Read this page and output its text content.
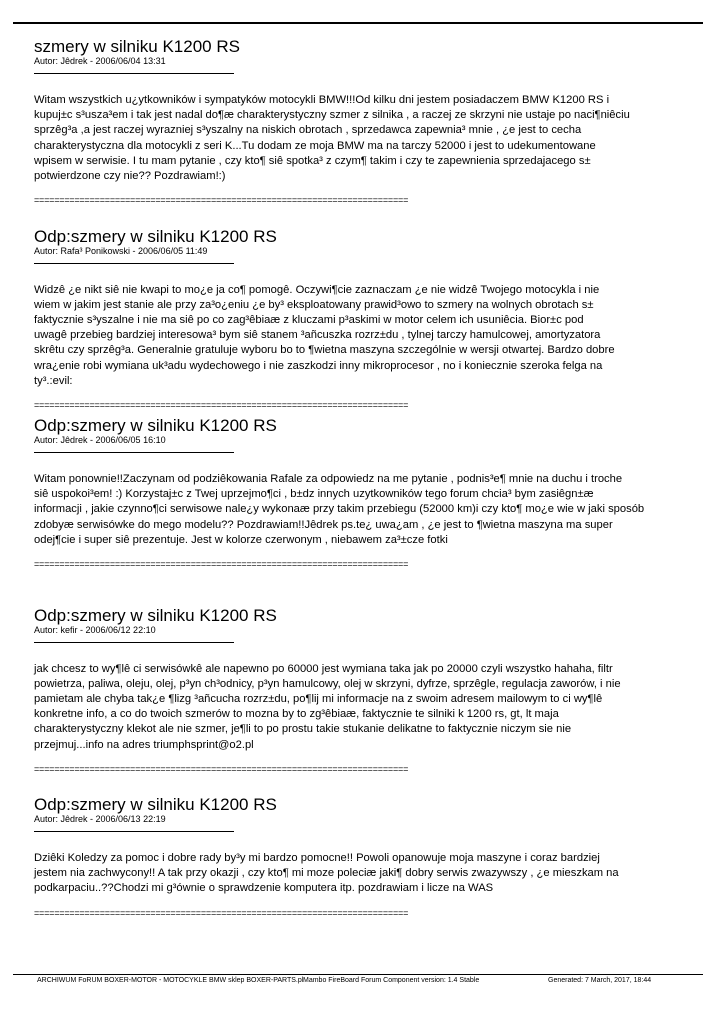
szmery w silniku K1200 RS
Autor: Jêdrek - 2006/06/04 13:31
Witam wszystkich u¿ytkowników i sympatyków motocykli BMW!!!Od kilku dni jestem posiadaczem BMW K1200 RS i
kupuj±c s³usza³em i tak jest nadal do¶æ charakterystyczny szmer z silnika , a raczej ze skrzyni nie ustaje po naci¶niêciu
sprzêg³a ,a jest raczej wyrazniej s³yszalny na niskich obrotach , sprzedawca zapewnia³ mnie , ¿e jest to cecha
charakterystyczna dla motocykli z seri K...Tu dodam ze moja BMW ma na tarczy 52000 i jest to udekumentowane
wpisem w serwisie. I tu mam pytanie , czy kto¶ siê spotka³ z czym¶ takim i czy te zapewnienia sprzedajacego s±
potwierdzone czy nie?? Pozdrawiam!:)
==========================================================================
Odp:szmery w silniku K1200 RS
Autor: Rafa³ Ponikowski - 2006/06/05 11:49
Widzê ¿e nikt siê nie kwapi to mo¿e ja co¶ pomogê. Oczywi¶cie zaznaczam ¿e nie widzê Twojego motocykla i nie
wiem w jakim jest stanie ale przy za³o¿eniu ¿e by³ eksploatowany prawid³owo to szmery na wolnych obrotach s±
faktycznie s³yszalne i nie ma siê po co zag³êbiaæ z kluczami p³askimi w motor celem ich usuniêcia. Bior±c pod
uwagê przebieg bardziej interesowa³ bym siê stanem ³añcuszka rozrz±du , tylnej tarczy hamulcowej, amortyzatora
skrêtu czy sprzêg³a. Generalnie gratuluje wyboru bo to ¶wietna maszyna szczególnie w wersji otwartej. Bardzo dobre
wra¿enie robi wymiana uk³adu wydechowego i nie zaszkodzi inny mikroprocesor , no i koniecznie szeroka felga na
ty³.:evil:
==========================================================================
Odp:szmery w silniku K1200 RS
Autor: Jêdrek - 2006/06/05 16:10
Witam ponownie!!Zaczynam od podziêkowania Rafale za odpowiedz na me pytanie , podnis³e¶ mnie na duchu i troche
siê uspokoi³em! :) Korzystaj±c z Twej uprzejmo¶ci , b±dz innych uzytkowników tego forum chcia³ bym zasiêgn±æ
informacji , jakie czynno¶ci serwisowe nale¿y wykonaæ przy takim przebiegu (52000 km)i czy kto¶ mo¿e wie w jaki sposób
zdobyæ serwisówke do mego modelu?? Pozdrawiam!!Jêdrek ps.te¿ uwa¿am , ¿e jest to ¶wietna maszyna ma super
odej¶cie i super siê prezentuje. Jest w kolorze czerwonym , niebawem za³±cze fotki
==========================================================================
Odp:szmery w silniku K1200 RS
Autor: kefir - 2006/06/12 22:10
jak chcesz to wy¶lê ci serwisówkê ale napewno po 60000 jest wymiana taka jak po 20000 czyli wszystko hahaha, filtr
powietrza, paliwa, oleju, olej, p³yn ch³odnicy, p³yn hamulcowy, olej w skrzyni, dyfrze, sprzêgle, regulacja zaworów, i nie
pamietam ale chyba tak¿e ¶lizg ³añcucha rozrz±du, po¶lij mi informacje na z swoim adresem mailowym to ci wy¶lê
konkretne info, a co do twoich szmerów to mozna by to zg³êbiaæ, faktycznie te silniki k 1200 rs, gt, lt maja
charakterystyczny klekot ale nie szmer, je¶li to po prostu takie stukanie delikatne to faktycznie niczym sie nie
przejmuj...info na adres triumphsprint@o2.pl
==========================================================================
Odp:szmery w silniku K1200 RS
Autor: Jêdrek - 2006/06/13 22:19
Dziêki Koledzy za pomoc i dobre rady by³y mi bardzo pomocne!! Powoli opanowuje moja maszyne i coraz bardziej
jestem nia zachwycony!! A tak przy okazji , czy kto¶ mi moze poleciæ jaki¶ dobry serwis zwazywszy , ¿e mieszkam na
podkarpaciu..??Chodzi mi g³ównie o sprawdzenie komputera itp. pozdrawiam i licze na WAS
==========================================================================
ARCHIWUM FoRUM BOXER-MOTOR - MOTOCYKLE BMW sklep BOXER-PARTS.pl Mambo FireBoard Forum Component version: 1.4 Stable	Generated: 7 March, 2017, 18:44
